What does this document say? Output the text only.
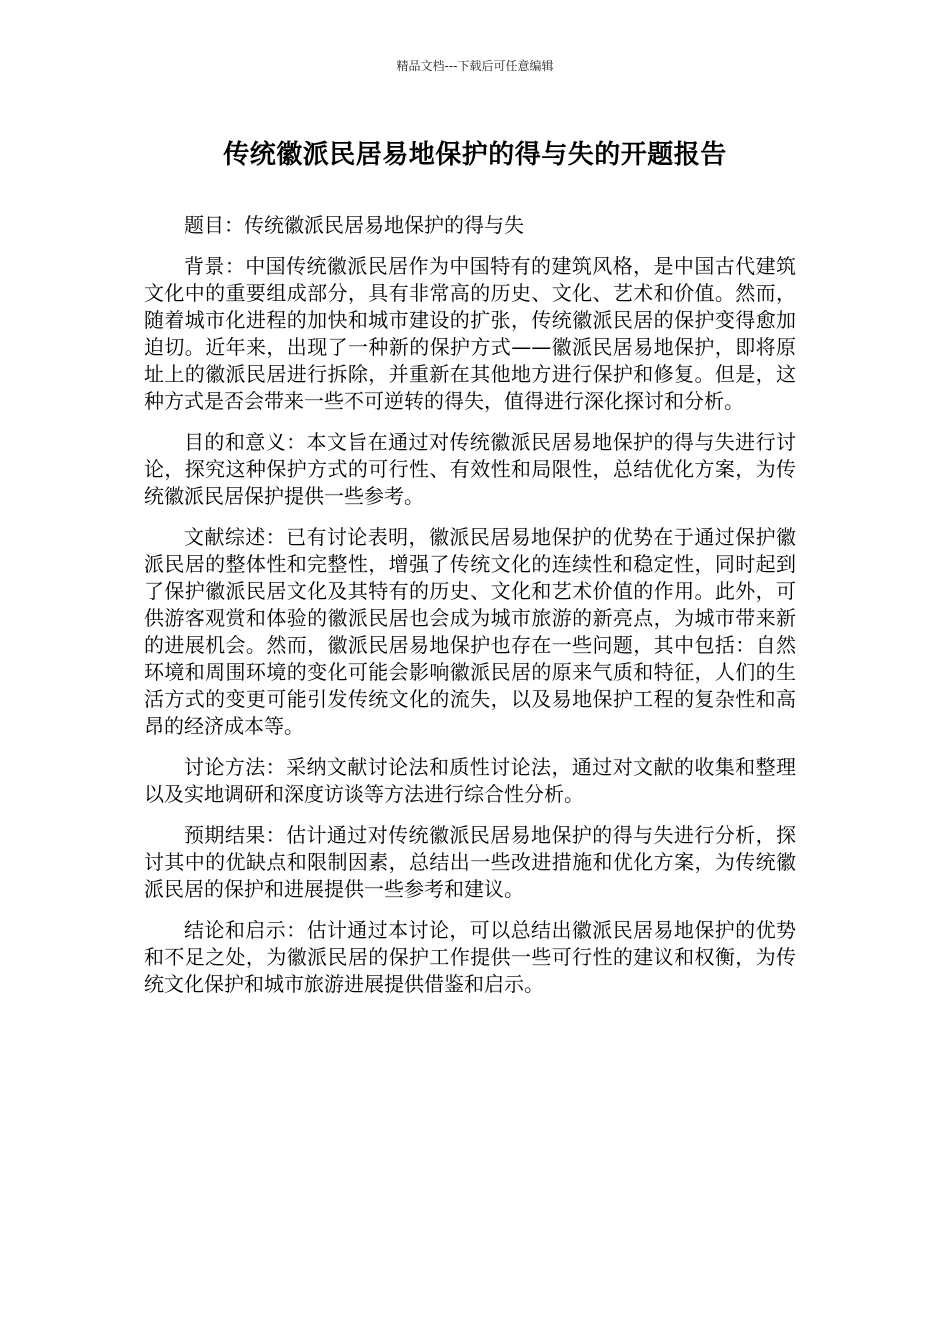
精品文档---下载后可任意编辑
传统徽派民居易地保护的得与失的开题报告

题目：传统徽派民居易地保护的得与失

背景：中国传统徽派民居作为中国特有的建筑风格，是中国古代建筑文化中的重要组成部分，具有非常高的历史、文化、艺术和价值。然而，随着城市化进程的加快和城市建设的扩张，传统徽派民居的保护变得愈加迫切。近年来，出现了一种新的保护方式——徽派民居易地保护，即将原址上的徽派民居进行拆除，并重新在其他地方进行保护和修复。但是，这种方式是否会带来一些不可逆转的得失，值得进行深化探讨和分析。

目的和意义：本文旨在通过对传统徽派民居易地保护的得与失进行讨论，探究这种保护方式的可行性、有效性和局限性，总结优化方案，为传统徽派民居保护提供一些参考。

文献综述：已有讨论表明，徽派民居易地保护的优势在于通过保护徽派民居的整体性和完整性，增强了传统文化的连续性和稳定性，同时起到了保护徽派民居文化及其特有的历史、文化和艺术价值的作用。此外，可供游客观赏和体验的徽派民居也会成为城市旅游的新亮点，为城市带来新的进展机会。然而，徽派民居易地保护也存在一些问题，其中包括：自然环境和周围环境的变化可能会影响徽派民居的原来气质和特征，人们的生活方式的变更可能引发传统文化的流失，以及易地保护工程的复杂性和高昂的经济成本等。

讨论方法：采纳文献讨论法和质性讨论法，通过对文献的收集和整理以及实地调研和深度访谈等方法进行综合性分析。

预期结果：估计通过对传统徽派民居易地保护的得与失进行分析，探讨其中的优缺点和限制因素，总结出一些改进措施和优化方案，为传统徽派民居的保护和进展提供一些参考和建议。

结论和启示：估计通过本讨论，可以总结出徽派民居易地保护的优势和不足之处，为徽派民居的保护工作提供一些可行性的建议和权衡，为传统文化保护和城市旅游进展提供借鉴和启示。
